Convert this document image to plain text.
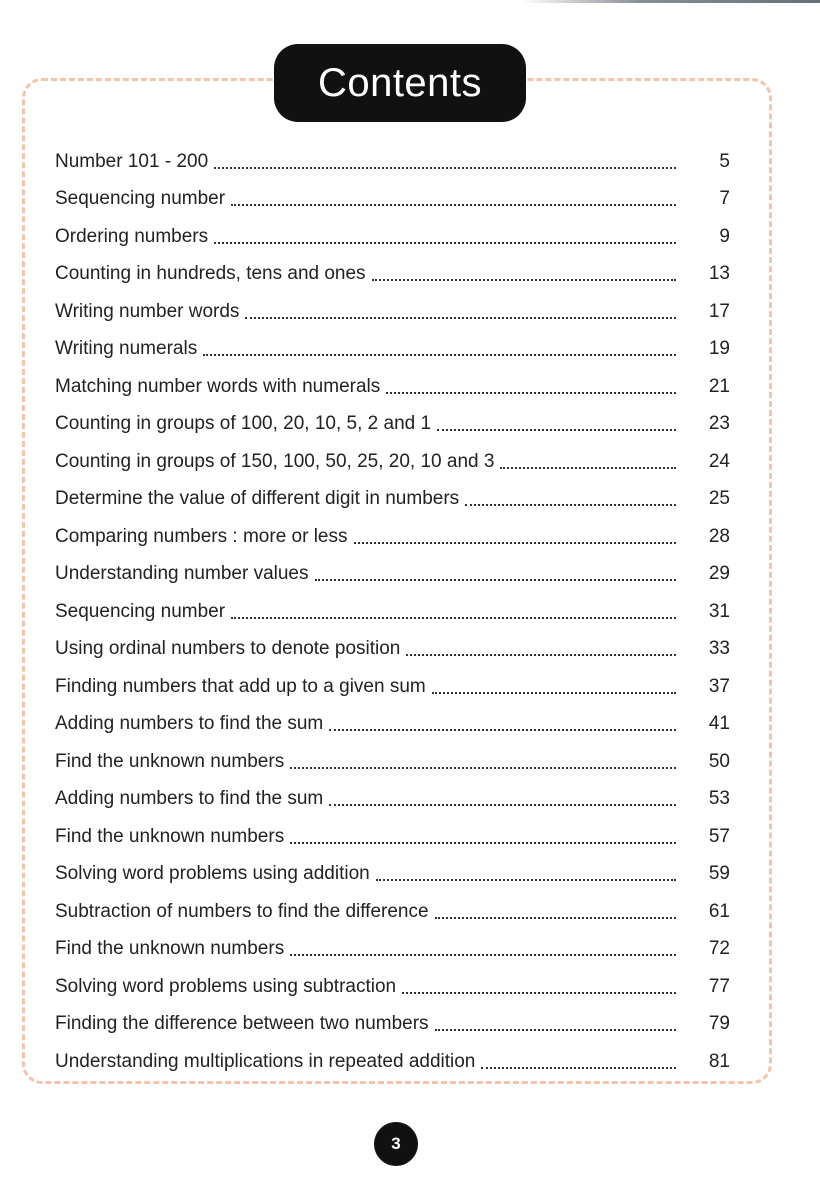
Contents
Number 101 - 200	5
Sequencing number	7
Ordering numbers	9
Counting in hundreds, tens and ones	13
Writing number words	17
Writing numerals	19
Matching number words with numerals	21
Counting in groups of 100, 20, 10, 5, 2 and 1	23
Counting in groups of 150, 100, 50, 25, 20, 10 and 3	24
Determine the value of different digit in numbers	25
Comparing numbers : more or less	28
Understanding number values	29
Sequencing number	31
Using ordinal numbers to denote position	33
Finding numbers that add up to a given sum	37
Adding numbers to find the sum	41
Find the unknown numbers	50
Adding numbers to find the sum	53
Find the unknown numbers	57
Solving word problems using addition	59
Subtraction of numbers to find the difference	61
Find the unknown numbers	72
Solving word problems using subtraction	77
Finding the difference between two numbers	79
Understanding multiplications in repeated addition	81
3
